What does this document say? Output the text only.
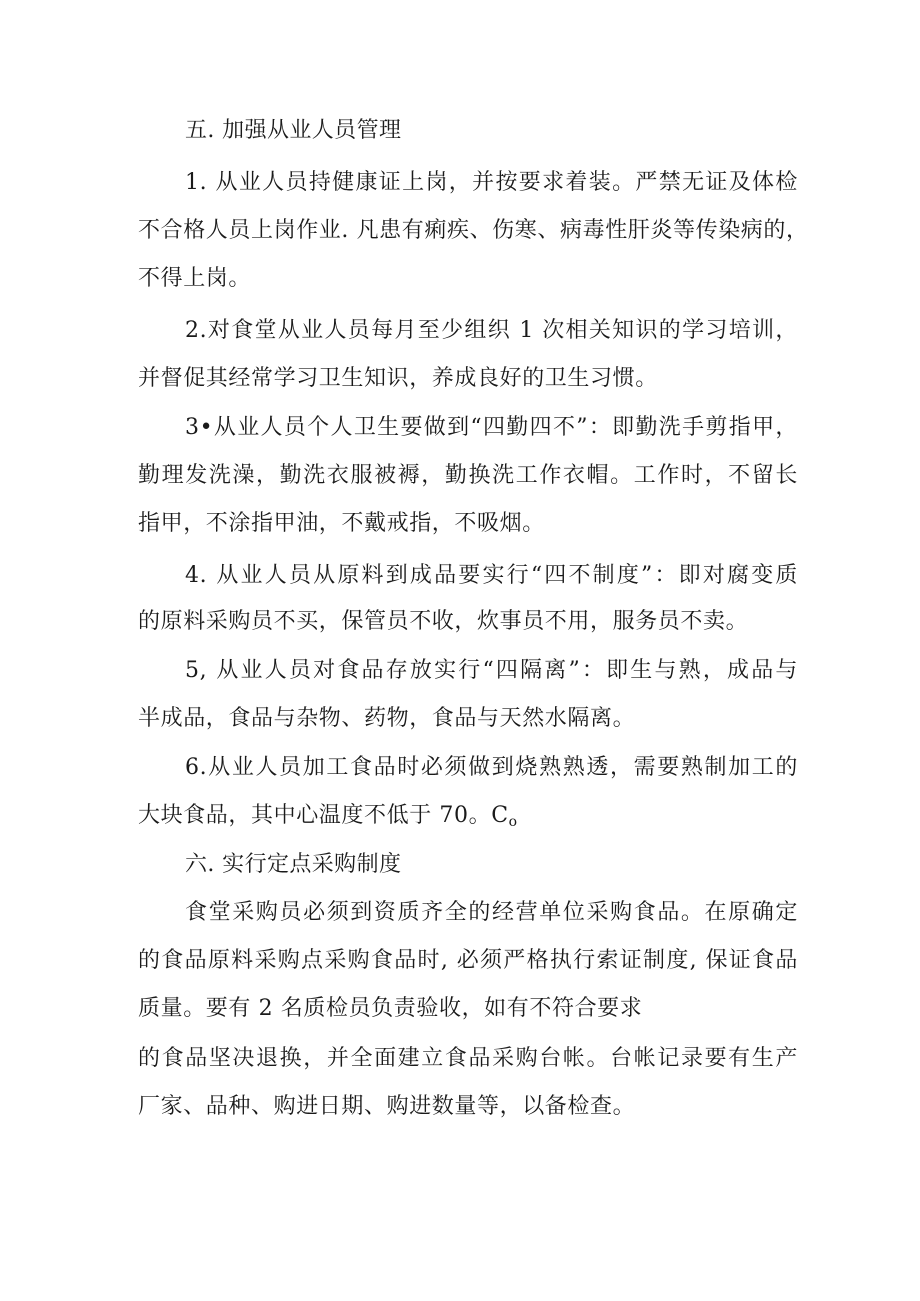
五. 加强从业人员管理
1. 从业人员持健康证上岗，并按要求着装。严禁无证及体检
不合格人员上岗作业. 凡患有痢疾、伤寒、病毒性肝炎等传染病的，
不得上岗。
2.对食堂从业人员每月至少组织 1 次相关知识的学习培训，
并督促其经常学习卫生知识，养成良好的卫生习惯。
3•从业人员个人卫生要做到“四勤四不”：即勤洗手剪指甲，
勤理发洗澡，勤洗衣服被褥，勤换洗工作衣帽。工作时，不留长
指甲，不涂指甲油，不戴戒指，不吸烟。
4. 从业人员从原料到成品要实行“四不制度”：即对腐变质
的原料采购员不买，保管员不收，炊事员不用，服务员不卖。
5, 从业人员对食品存放实行“四隔离”：即生与熟，成品与
半成品，食品与杂物、药物，食品与天然水隔离。
6.从业人员加工食品时必须做到烧熟熟透，需要熟制加工的
大块食品，其中心温度不低于 70。$C_o$
六. 实行定点采购制度
食堂采购员必须到资质齐全的经营单位采购食品。在原确定
的食品原料采购点采购食品时, 必须严格执行索证制度, 保证食品
质量。要有 2 名质检员负责验收，如有不符合要求
的食品坚决退换，并全面建立食品采购台帐。台帐记录要有生产
厂家、品种、购进日期、购进数量等，以备检查。
